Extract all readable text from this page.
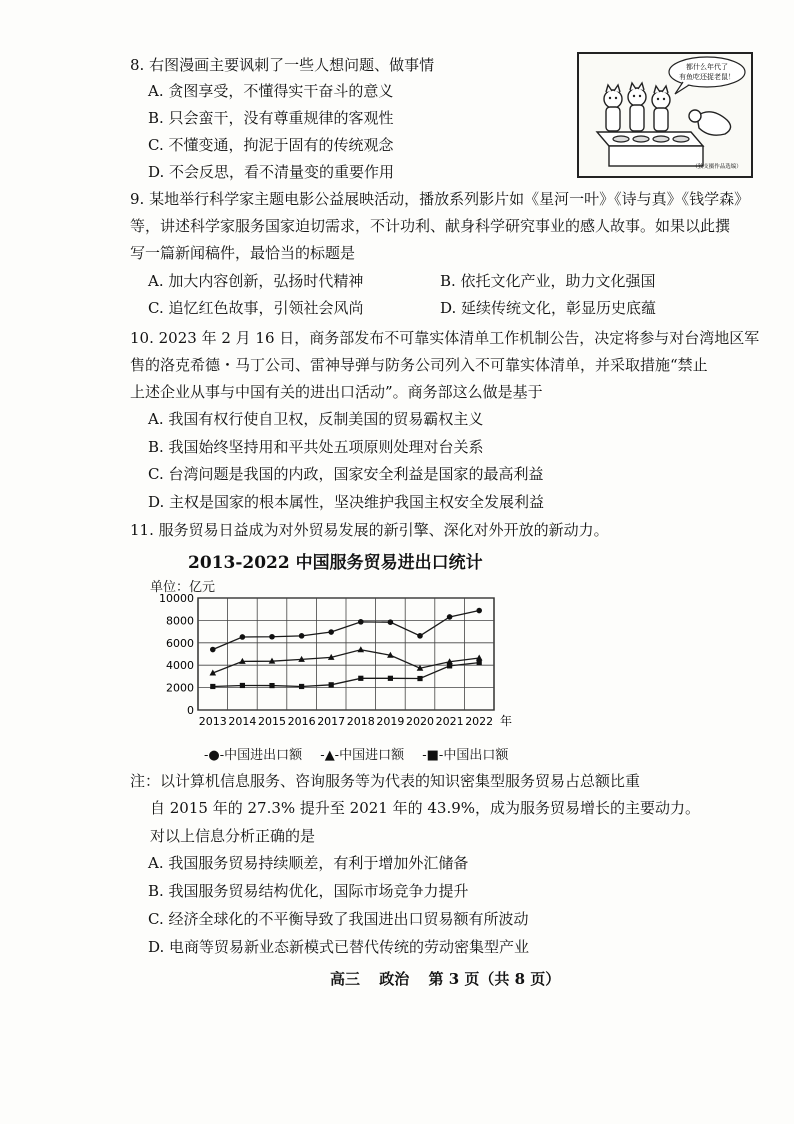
8. 右图漫画主要讽刺了一些人想问题、做事情
A. 贪图享受，不懂得实干奋斗的意义
B. 只会蛮干，没有尊重规律的客观性
C. 不懂变通，拘泥于固有的传统观念
D. 不会反思，看不清量变的重要作用
都什么年代了
有鱼吃还捉老鼠！
（独支摄作品选编）
9. 某地举行科学家主题电影公益展映活动，播放系列影片如《星河一叶》《诗与真》《钱学森》
等，讲述科学家服务国家迫切需求，不计功利、献身科学研究事业的感人故事。如果以此撰
写一篇新闻稿件，最恰当的标题是
A. 加大内容创新，弘扬时代精神	B. 依托文化产业，助力文化强国
C. 追忆红色故事，引领社会风尚	D. 延续传统文化，彰显历史底蕴
10. 2023 年 2 月 16 日，商务部发布不可靠实体清单工作机制公告，决定将参与对台湾地区军
售的洛克希德・马丁公司、雷神导弹与防务公司列入不可靠实体清单，并采取措施“禁止
上述企业从事与中国有关的进出口活动”。商务部这么做是基于
A. 我国有权行使自卫权，反制美国的贸易霸权主义
B. 我国始终坚持用和平共处五项原则处理对台关系
C. 台湾问题是我国的内政，国家安全利益是国家的最高利益
D. 主权是国家的根本属性，坚决维护我国主权安全发展利益
11. 服务贸易日益成为对外贸易发展的新引擎、深化对外开放的新动力。
2013-2022 中国服务贸易进出口统计
单位：亿元
0
2000
4000
6000
8000
10000
2013 2014 2015 2016 2017 2018 2019 2020 2021 2022 年
-●-中国进出口额 -▲-中国进口额 -■-中国出口额
注：以计算机信息服务、咨询服务等为代表的知识密集型服务贸易占总额比重
自 2015 年的 27.3% 提升至 2021 年的 43.9%，成为服务贸易增长的主要动力。
对以上信息分析正确的是
A. 我国服务贸易持续顺差，有利于增加外汇储备
B. 我国服务贸易结构优化，国际市场竞争力提升
C. 经济全球化的不平衡导致了我国进出口贸易额有所波动
D. 电商等贸易新业态新模式已替代传统的劳动密集型产业
高三 政治 第 3 页（共 8 页）
